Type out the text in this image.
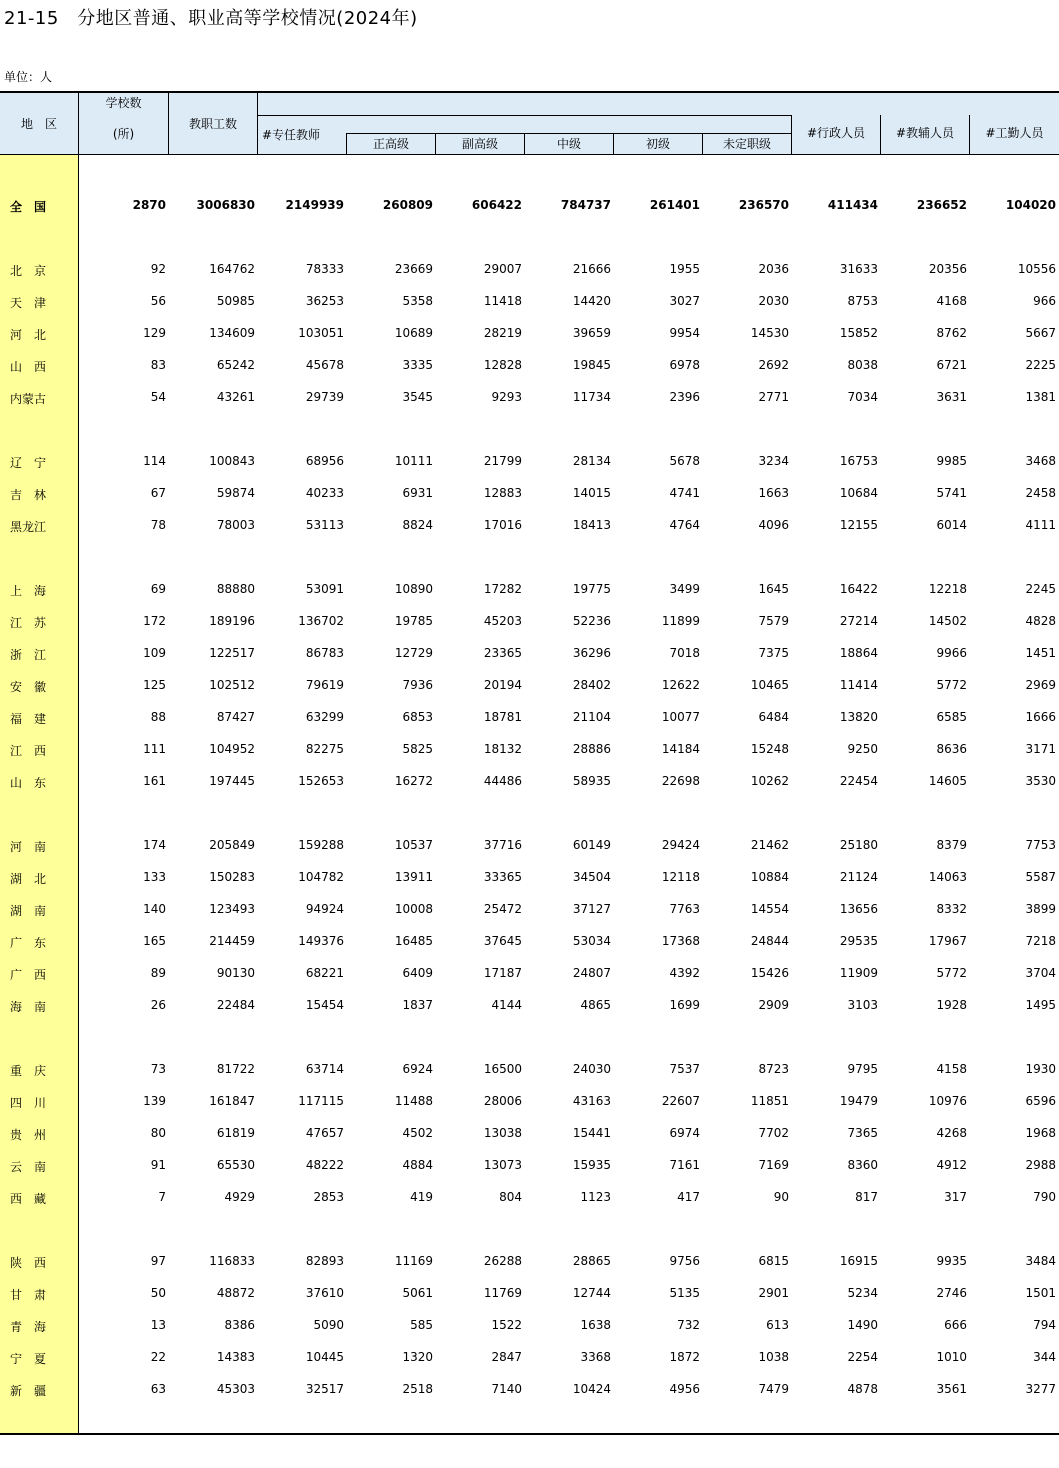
21-15　分地区普通、职业高等学校情况(2024年)
单位：人
地　区
学校数
(所)
教职工数
#专任教师
正高级	副高级	中级	初级	未定职级
#行政人员	#教辅人员	#工勤人员
全　国	2870	3006830	2149939	260809	606422	784737	261401	236570	411434	236652	104020
北　京	92	164762	78333	23669	29007	21666	1955	2036	31633	20356	10556
天　津	56	50985	36253	5358	11418	14420	3027	2030	8753	4168	966
河　北	129	134609	103051	10689	28219	39659	9954	14530	15852	8762	5667
山　西	83	65242	45678	3335	12828	19845	6978	2692	8038	6721	2225
内蒙古	54	43261	29739	3545	9293	11734	2396	2771	7034	3631	1381
辽　宁	114	100843	68956	10111	21799	28134	5678	3234	16753	9985	3468
吉　林	67	59874	40233	6931	12883	14015	4741	1663	10684	5741	2458
黑龙江	78	78003	53113	8824	17016	18413	4764	4096	12155	6014	4111
上　海	69	88880	53091	10890	17282	19775	3499	1645	16422	12218	2245
江　苏	172	189196	136702	19785	45203	52236	11899	7579	27214	14502	4828
浙　江	109	122517	86783	12729	23365	36296	7018	7375	18864	9966	1451
安　徽	125	102512	79619	7936	20194	28402	12622	10465	11414	5772	2969
福　建	88	87427	63299	6853	18781	21104	10077	6484	13820	6585	1666
江　西	111	104952	82275	5825	18132	28886	14184	15248	9250	8636	3171
山　东	161	197445	152653	16272	44486	58935	22698	10262	22454	14605	3530
河　南	174	205849	159288	10537	37716	60149	29424	21462	25180	8379	7753
湖　北	133	150283	104782	13911	33365	34504	12118	10884	21124	14063	5587
湖　南	140	123493	94924	10008	25472	37127	7763	14554	13656	8332	3899
广　东	165	214459	149376	16485	37645	53034	17368	24844	29535	17967	7218
广　西	89	90130	68221	6409	17187	24807	4392	15426	11909	5772	3704
海　南	26	22484	15454	1837	4144	4865	1699	2909	3103	1928	1495
重　庆	73	81722	63714	6924	16500	24030	7537	8723	9795	4158	1930
四　川	139	161847	117115	11488	28006	43163	22607	11851	19479	10976	6596
贵　州	80	61819	47657	4502	13038	15441	6974	7702	7365	4268	1968
云　南	91	65530	48222	4884	13073	15935	7161	7169	8360	4912	2988
西　藏	7	4929	2853	419	804	1123	417	90	817	317	790
陕　西	97	116833	82893	11169	26288	28865	9756	6815	16915	9935	3484
甘　肃	50	48872	37610	5061	11769	12744	5135	2901	5234	2746	1501
青　海	13	8386	5090	585	1522	1638	732	613	1490	666	794
宁　夏	22	14383	10445	1320	2847	3368	1872	1038	2254	1010	344
新　疆	63	45303	32517	2518	7140	10424	4956	7479	4878	3561	3277
